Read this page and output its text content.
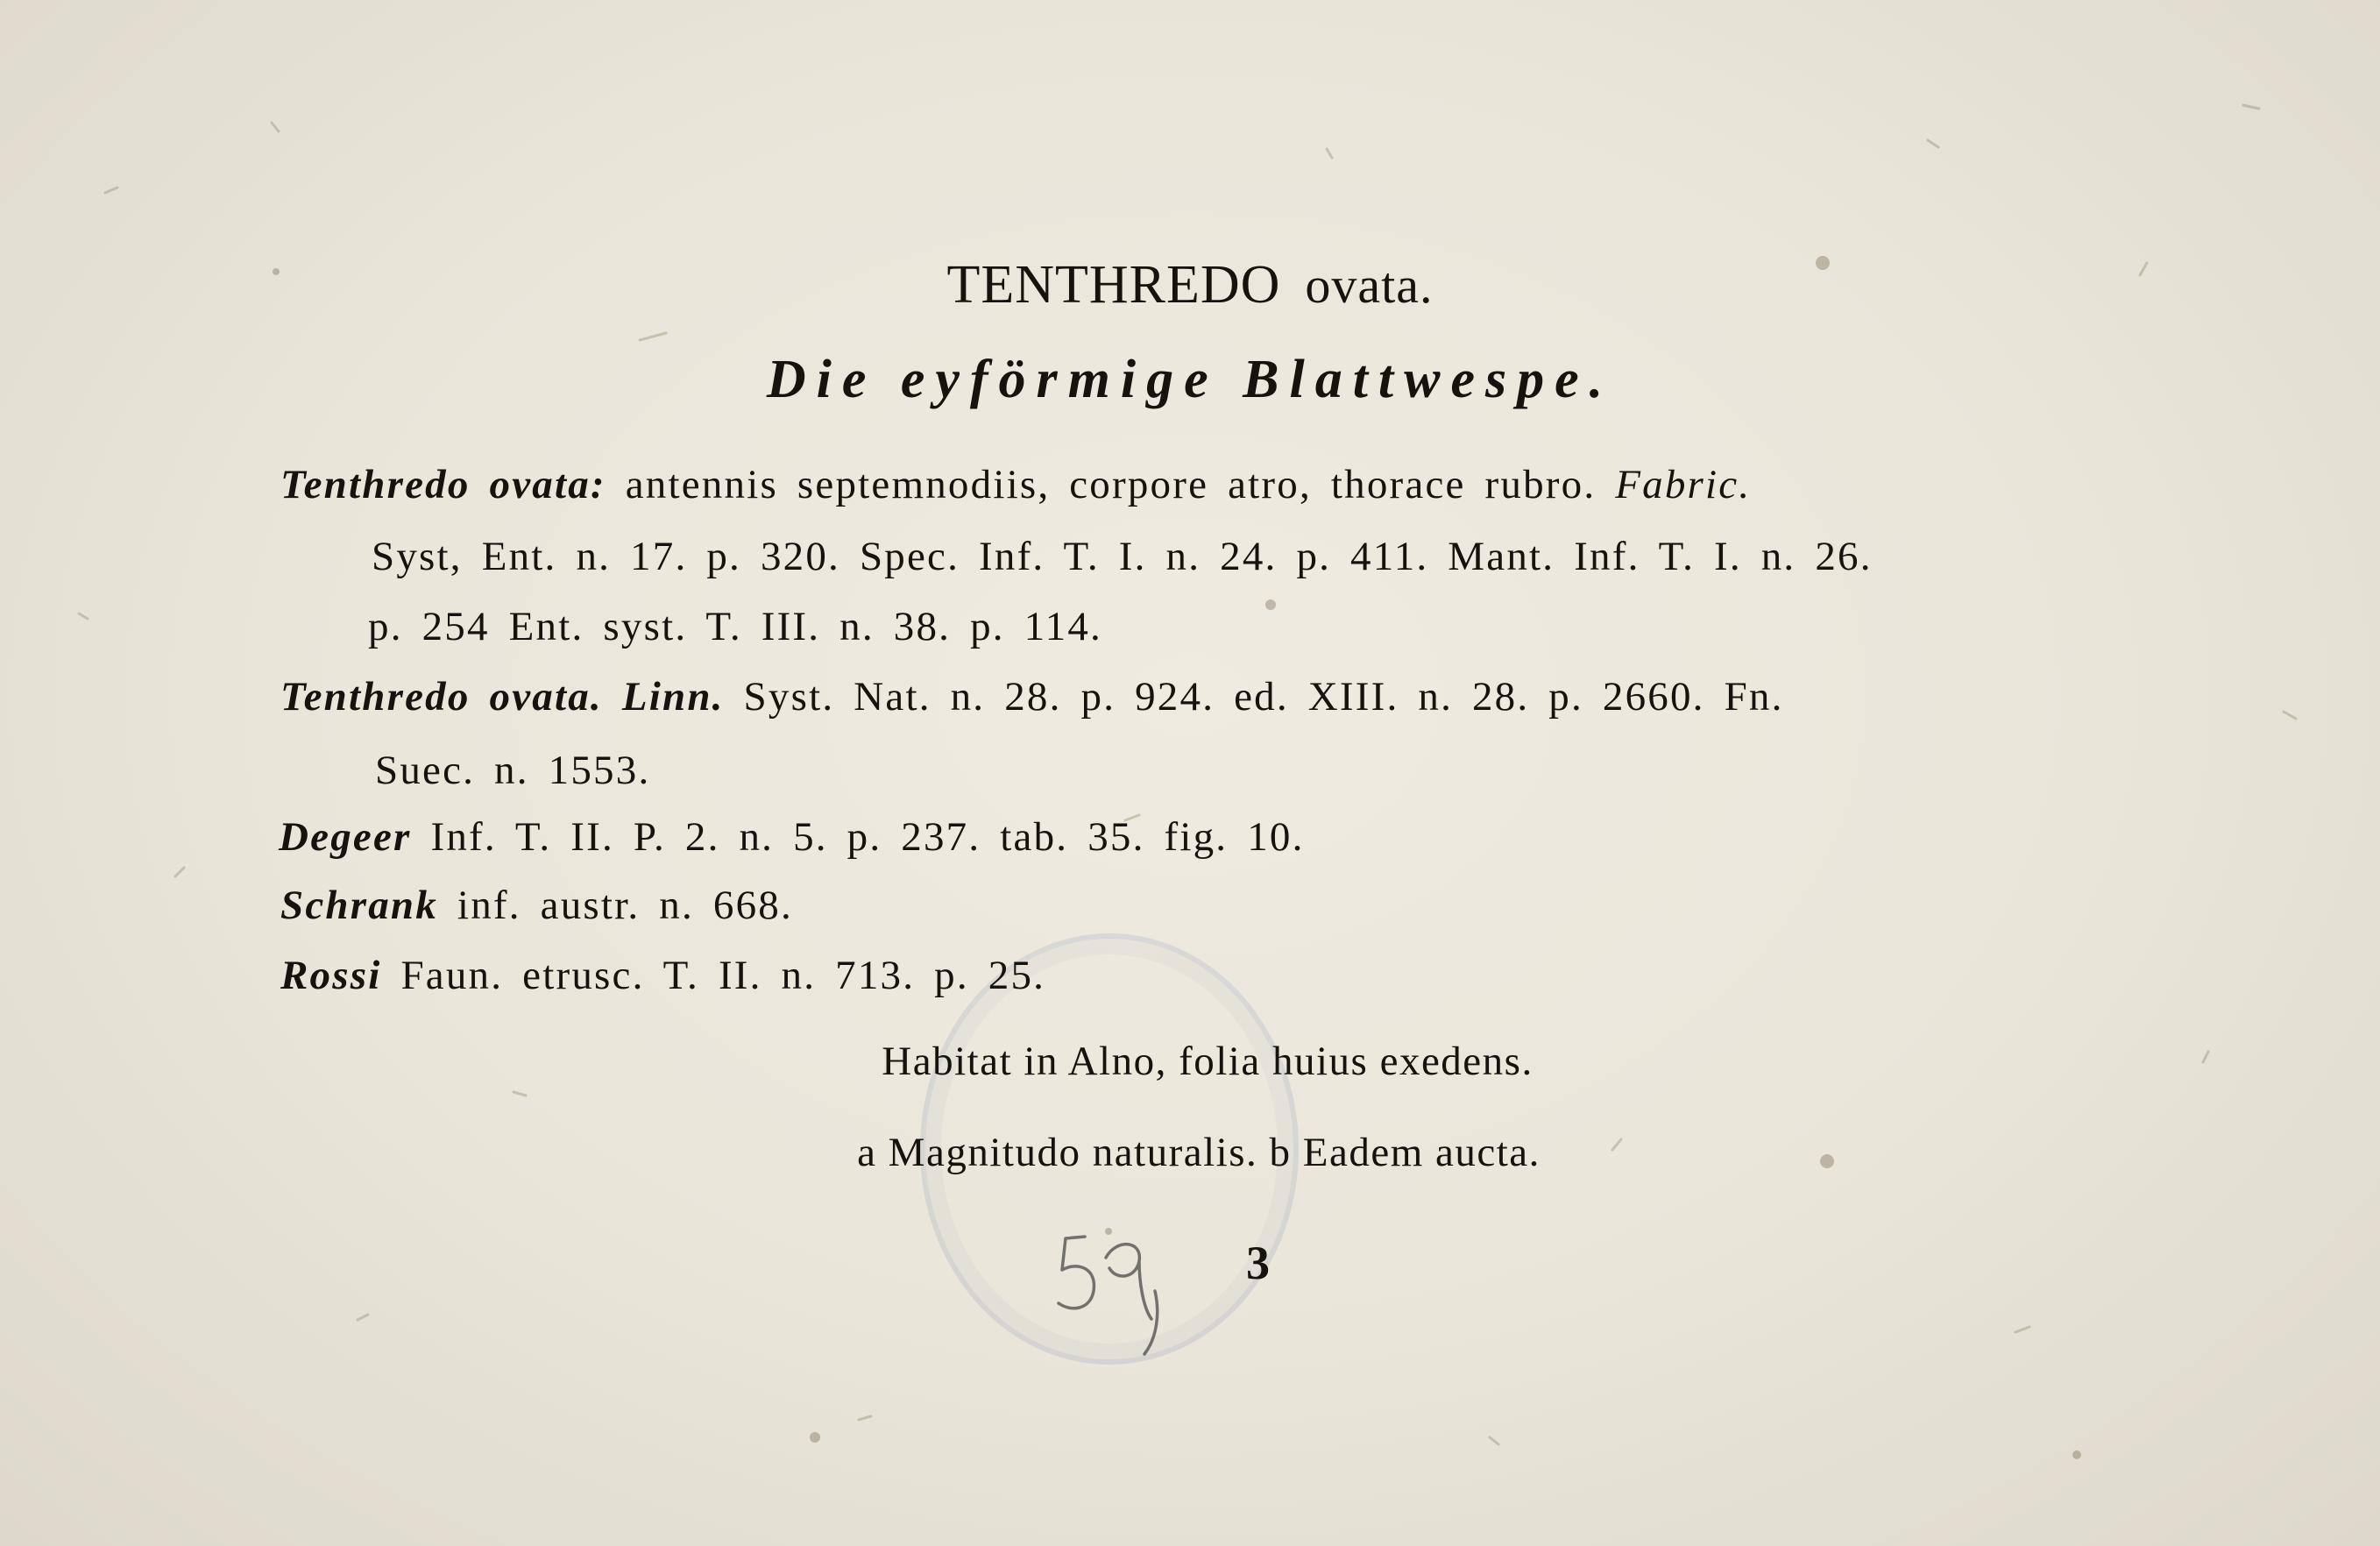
TENTHREDO ovata.
Die eyförmige Blattwespe.
Tenthredo ovata: antennis septemnodiis, corpore atro, thorace rubro. Fabric.
Syst, Ent. n. 17. p. 320. Spec. Inf. T. I. n. 24. p. 411. Mant. Inf. T. I. n. 26.
p. 254 Ent. syst. T. III. n. 38. p. 114.
Tenthredo ovata. Linn. Syst. Nat. n. 28. p. 924. ed. XIII. n. 28. p. 2660. Fn.
Suec. n. 1553.
Degeer Inf. T. II. P. 2. n. 5. p. 237. tab. 35. fig. 10.
Schrank inf. austr. n. 668.
Rossi Faun. etrusc. T. II. n. 713. p. 25.
Habitat in Alno, folia huius exedens.
a Magnitudo naturalis. b Eadem aucta.
3
